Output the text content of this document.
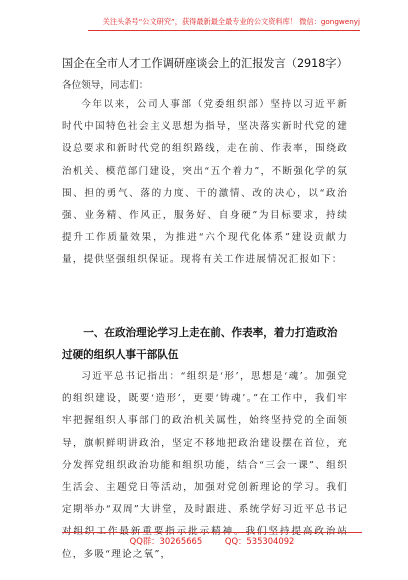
关注头条号“公文研究”，获得最新最全最专业的公文资料库！ 微信：gongwenyj
国企在全市人才工作调研座谈会上的汇报发言（2918字）
各位领导，同志们：

今年以来，公司人事部（党委组织部）坚持以习近平新时代中国特色社会主义思想为指导，坚决落实新时代党的建设总要求和新时代党的组织路线，走在前、作表率，围绕政治机关、模范部门建设，突出“五个着力”，不断强化学的氛围、担的勇气、落的力度、干的激情、改的决心，以“政治强、业务精、作风正，服务好、自身硬”为目标要求，持续提升工作质量效果，为推进“六个现代化体系”建设贡献力量，提供坚强组织保证。现将有关工作进展情况汇报如下：

一、在政治理论学习上走在前、作表率，着力打造政治过硬的组织人事干部队伍

习近平总书记指出：“组织是‘形’，思想是‘魂’。加强党的组织建设，既要‘造形’，更要‘铸魂’。”在工作中，我们牢牢把握组织人事部门的政治机关属性，始终坚持党的全面领导，旗帜鲜明讲政治，坚定不移地把政治建设摆在首位，充分发挥党组织政治功能和组织功能，结合“三会一课”、组织生活会、主题党日等活动，加强对党创新理论的学习。我们定期举办“双周”大讲堂，及时跟进、系统学好习近平总书记对组织工作最新重要指示批示精神。我们坚持提高政治站位，多吸“理论之氧”，

QQ群：30265665	QQ：535304092
